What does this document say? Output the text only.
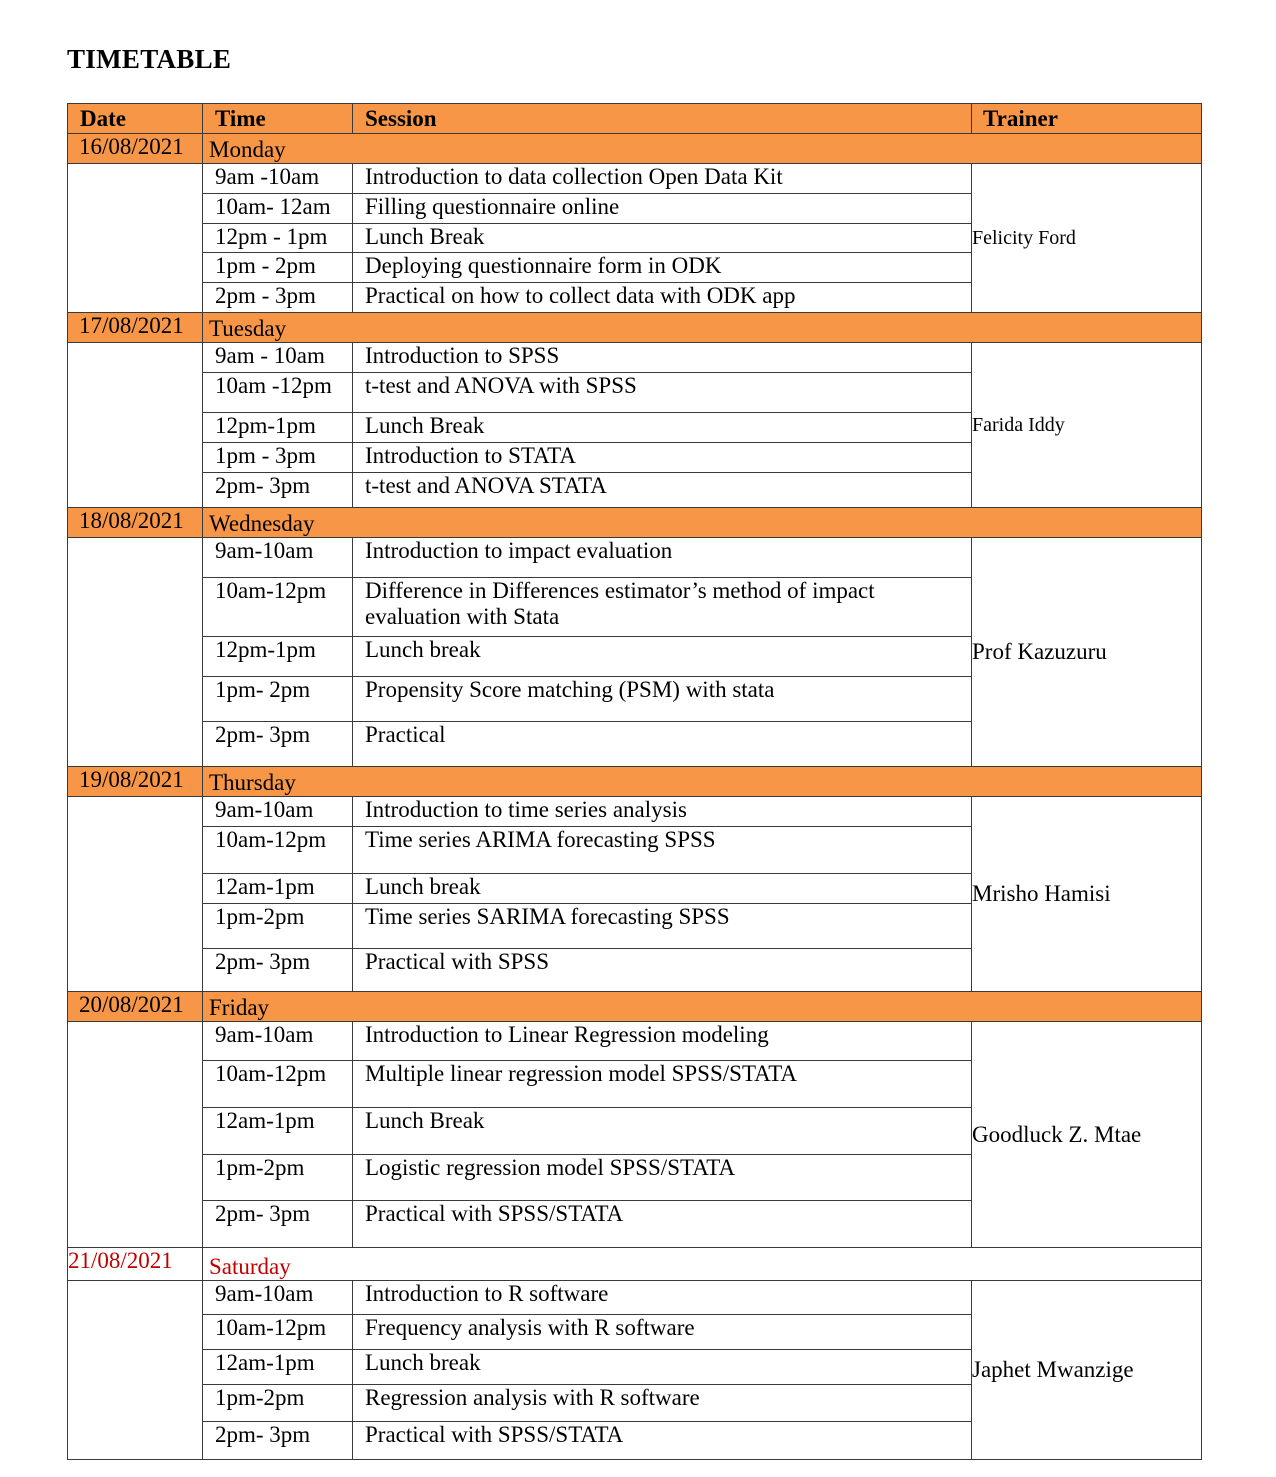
TIMETABLE
Date	Time	Session	Trainer
16/08/2021	Monday		
	9am -10am	Introduction to data collection Open Data Kit	Felicity Ford
	10am- 12am	Filling questionnaire online	
	12pm - 1pm	Lunch Break	
	1pm - 2pm	Deploying questionnaire form in ODK	
	2pm - 3pm	Practical on how to collect data with ODK app	
17/08/2021	Tuesday		
	9am - 10am	Introduction to SPSS	Farida Iddy
	10am -12pm	t-test and ANOVA with SPSS	
	12pm-1pm	Lunch Break	
	1pm - 3pm	Introduction to STATA	
	2pm- 3pm	t-test and ANOVA STATA	
18/08/2021	Wednesday		
	9am-10am	Introduction to impact evaluation	Prof Kazuzuru
	10am-12pm	Difference in Differences estimator’s method of impact evaluation with Stata	
	12pm-1pm	Lunch break	
	1pm- 2pm	Propensity Score matching (PSM) with stata	
	2pm- 3pm	Practical	
19/08/2021	Thursday		
	9am-10am	Introduction to time series analysis	Mrisho Hamisi
	10am-12pm	Time series ARIMA forecasting SPSS	
	12am-1pm	Lunch break	
	1pm-2pm	Time series SARIMA forecasting SPSS	
	2pm- 3pm	Practical with SPSS	
20/08/2021	Friday		
	9am-10am	Introduction to Linear Regression modeling	Goodluck Z. Mtae
	10am-12pm	Multiple linear regression model SPSS/STATA	
	12am-1pm	Lunch Break	
	1pm-2pm	Logistic regression model SPSS/STATA	
	2pm- 3pm	Practical with SPSS/STATA	
21/08/2021	Saturday		
	9am-10am	Introduction to R software	Japhet Mwanzige
	10am-12pm	Frequency analysis with R software	
	12am-1pm	Lunch break	
	1pm-2pm	Regression analysis with R software	
	2pm- 3pm	Practical with SPSS/STATA	
